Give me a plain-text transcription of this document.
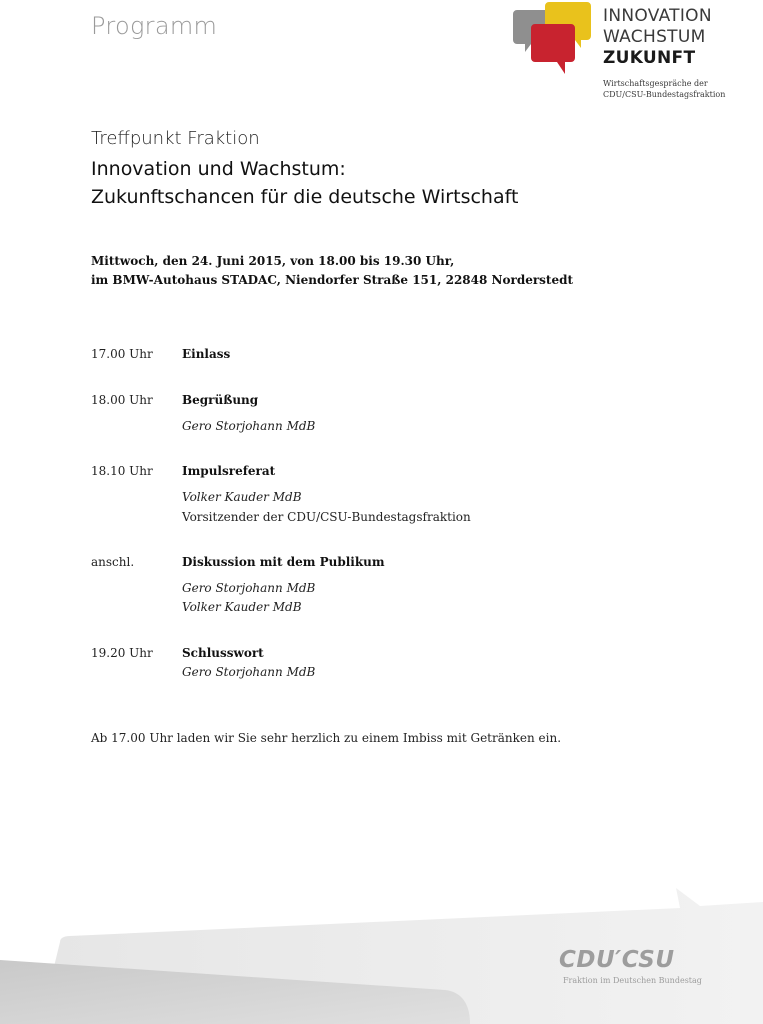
Programm	INNOVATION
WACHSTUM
ZUKUNFT
Wirtschaftsgespräche der
CDU/CSU-Bundestagsfraktion
Treffpunkt Fraktion
Innovation und Wachstum:
Zukunftschancen für die deutsche Wirtschaft
Mittwoch, den 24. Juni 2015, von 18.00 bis 19.30 Uhr,
im BMW-Autohaus STADAC, Niendorfer Straße 151, 22848 Norderstedt
17.00 Uhr	Einlass
18.00 Uhr	Begrüßung
Gero Storjohann MdB
18.10 Uhr	Impulsreferat
Volker Kauder MdB
Vorsitzender der CDU/CSU-Bundestagsfraktion
anschl.	Diskussion mit dem Publikum
Gero Storjohann MdB
Volker Kauder MdB
19.20 Uhr	Schlusswort
Gero Storjohann MdB
Ab 17.00 Uhr laden wir Sie sehr herzlich zu einem Imbiss mit Getränken ein.
CDU′CSU
Fraktion im Deutschen Bundestag
